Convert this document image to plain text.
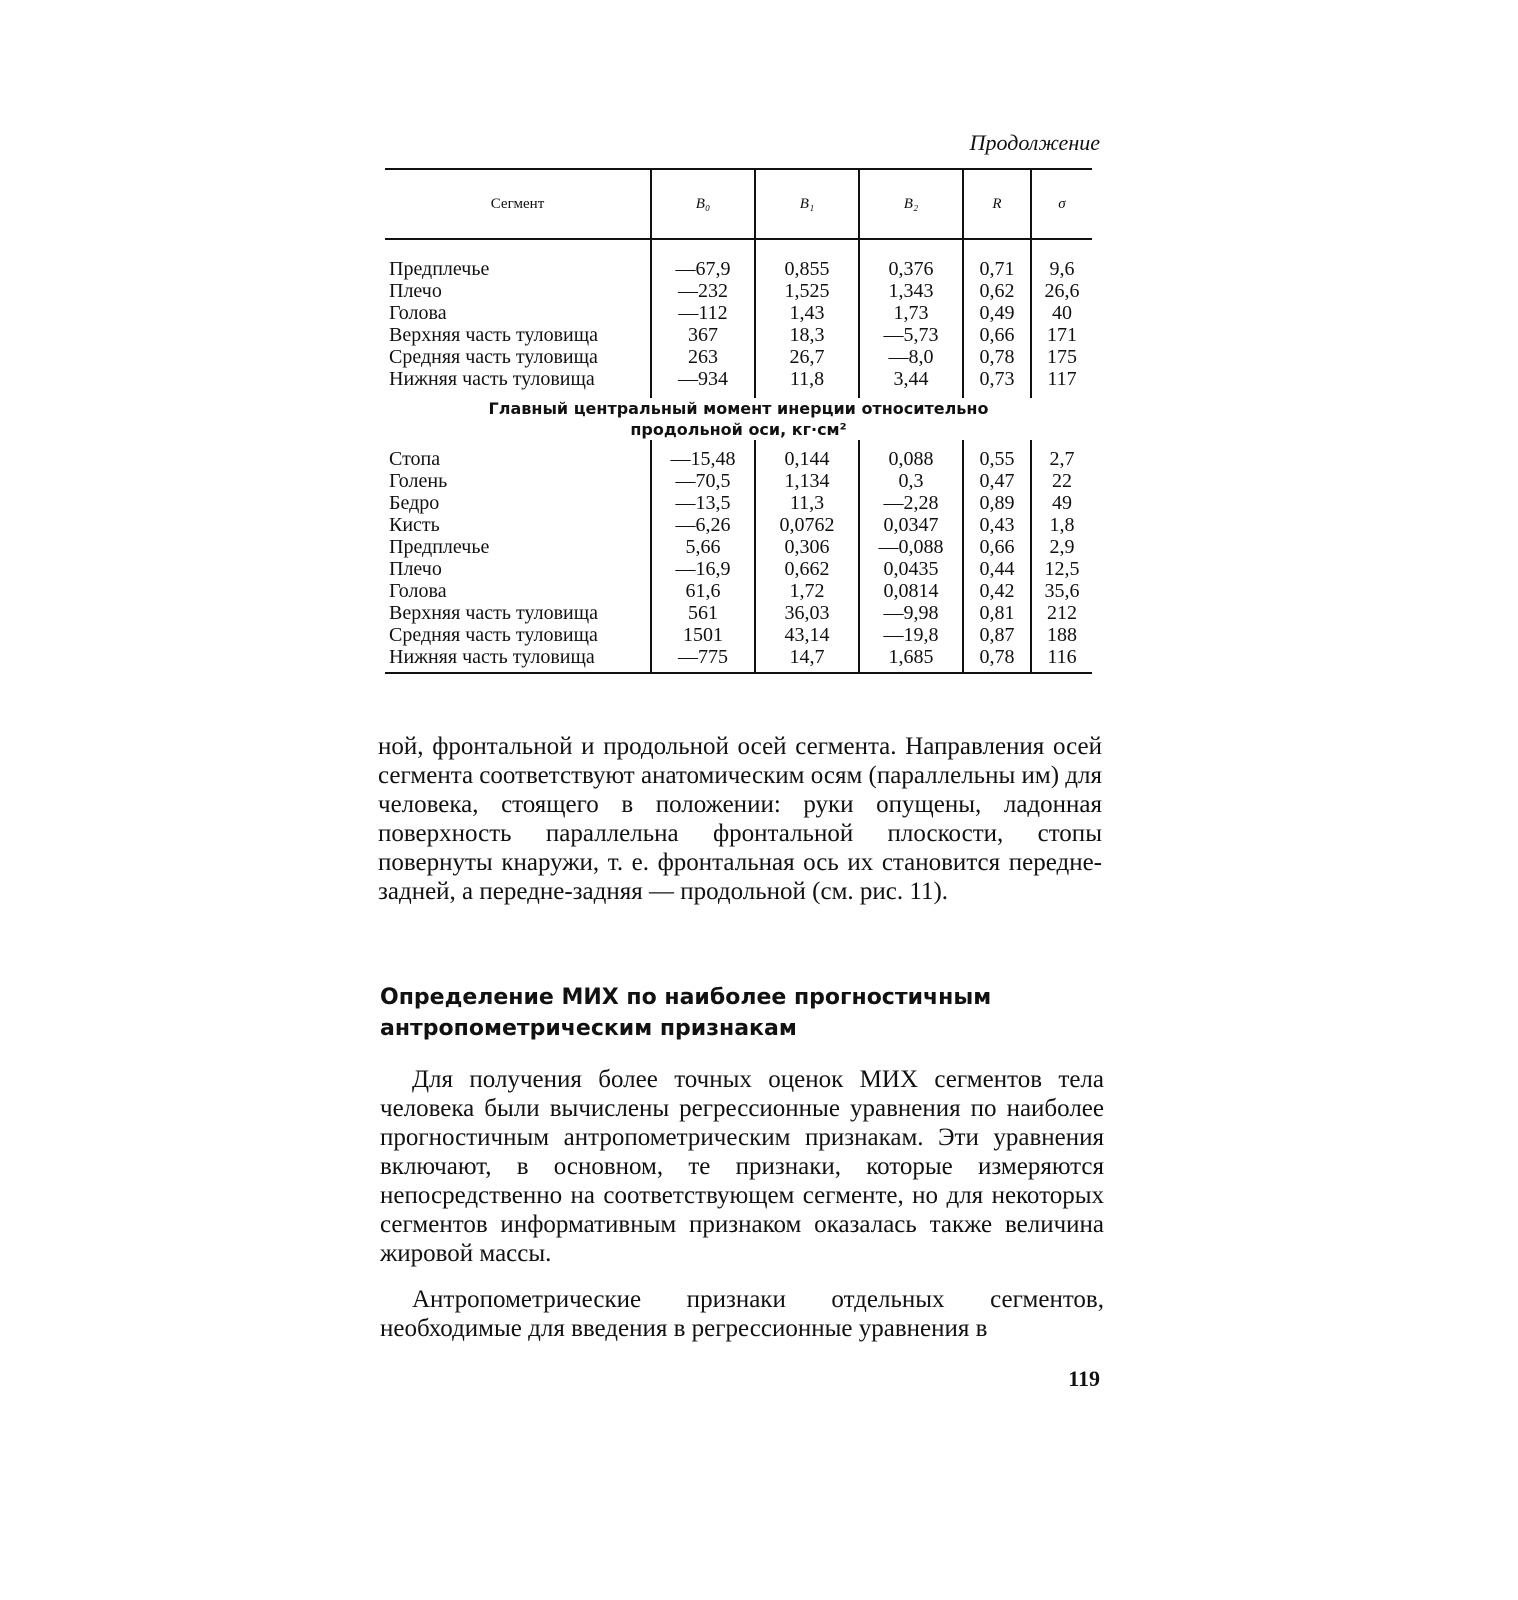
Продолжение
Сегмент	B₀	B₁	B₂	R	σ
Предплечье	—67,9	0,855	0,376	0,71	9,6
Плечо	—232	1,525	1,343	0,62	26,6
Голова	—112	1,43	1,73	0,49	40
Верхняя часть туловища	367	18,3	—5,73	0,66	171
Средняя часть туловища	263	26,7	—8,0	0,78	175
Нижняя часть туловища	—934	11,8	3,44	0,73	117
Главный центральный момент инерции относительно
продольной оси, кг·см²					
Стопа	—15,48	0,144	0,088	0,55	2,7
Голень	—70,5	1,134	0,3	0,47	22
Бедро	—13,5	11,3	—2,28	0,89	49
Кисть	—6,26	0,0762	0,0347	0,43	1,8
Предплечье	5,66	0,306	—0,088	0,66	2,9
Плечо	—16,9	0,662	0,0435	0,44	12,5
Голова	61,6	1,72	0,0814	0,42	35,6
Верхняя часть туловища	561	36,03	—9,98	0,81	212
Средняя часть туловища	1501	43,14	—19,8	0,87	188
Нижняя часть туловища	—775	14,7	1,685	0,78	116

ной, фронтальной и продольной осей сегмента. Направления осей сегмента соответствуют анатомическим осям (параллельны им) для человека, стоящего в положении: руки опущены, ладонная поверхность параллельна фронтальной плоскости, стопы повернуты кнаружи, т. е. фронтальная ось их становится передне-задней, а передне-задняя — продольной (см. рис. 11).

Определение МИХ по наиболее прогностичным антропометрическим признакам

Для получения более точных оценок МИХ сегментов тела человека были вычислены регрессионные уравнения по наиболее прогностичным антропометрическим признакам. Эти уравнения включают, в основном, те признаки, которые измеряются непосредственно на соответствующем сегменте, но для некоторых сегментов информативным признаком оказалась также величина жировой массы.

Антропометрические признаки отдельных сегментов, необходимые для введения в регрессионные уравнения в

119
